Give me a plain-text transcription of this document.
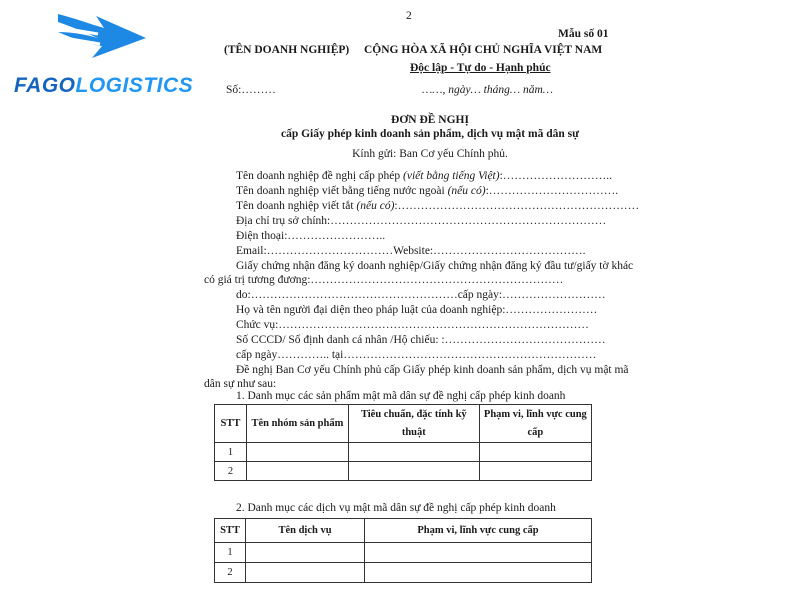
FAGOLOGISTICS
2
Mẫu số 01
(TÊN DOANH NGHIỆP) CỘNG HÒA XÃ HỘI CHỦ NGHĨA VIỆT NAM
Độc lập - Tự do - Hạnh phúc
Số:………	……, ngày… tháng… năm…
ĐƠN ĐỀ NGHỊ
cấp Giấy phép kinh doanh sản phẩm, dịch vụ mật mã dân sự
Kính gửi: Ban Cơ yếu Chính phủ.
Tên doanh nghiệp đề nghị cấp phép (viết bằng tiếng Việt):………………………..
Tên doanh nghiệp viết bằng tiếng nước ngoài (nếu có):…………………………….
Tên doanh nghiệp viết tắt (nếu có):………………………………………………………
Địa chỉ trụ sở chính:………………………………………………………………
Điện thoại:……………………..
Email:……………………………Website:………………………………….
Giấy chứng nhận đăng ký doanh nghiệp/Giấy chứng nhận đăng ký đầu tư/giấy tờ khác
có giá trị tương đương:…………………………………………………………
do:………………………………………………cấp ngày:………………………
Họ và tên người đại diện theo pháp luật của doanh nghiệp:……………………
Chức vụ:………………………………………………………………………
Số CCCD/ Số định danh cá nhân /Hộ chiếu: :……………………………………
cấp ngày………….. tại…………………………………………………………
Đề nghị Ban Cơ yếu Chính phủ cấp Giấy phép kinh doanh sản phẩm, dịch vụ mật mã
dân sự như sau:
1. Danh mục các sản phẩm mật mã dân sự đề nghị cấp phép kinh doanh
STT	Tên nhóm sản phẩm	Tiêu chuẩn, đặc tính kỹ thuật	Phạm vi, lĩnh vực cung cấp
1			
2			
2. Danh mục các dịch vụ mật mã dân sự đề nghị cấp phép kinh doanh
STT	Tên dịch vụ	Phạm vi, lĩnh vực cung cấp
1		
2		
